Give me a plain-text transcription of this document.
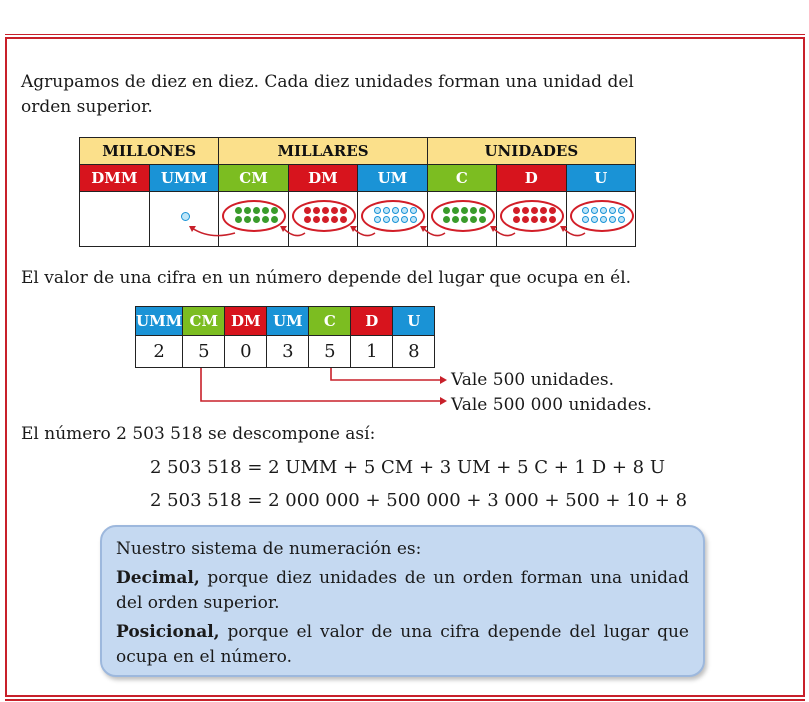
Agrupamos de diez en diez. Cada diez unidades forman una unidad del
orden superior.
MILLONES		MILLARES			UNIDADES		
DMM	UMM	CM	DM	UM	C	D	U

El valor de una cifra en un número depende del lugar que ocupa en él.
UMM	CM	DM	UM	C	D	U
2	5	0	3	5	1	8
Vale 500 unidades.
Vale 500 000 unidades.
El número 2 503 518 se descompone así:
2 503 518 = 2 UMM + 5 CM + 3 UM + 5 C + 1 D + 8 U
2 503 518 = 2 000 000 + 500 000 + 3 000 + 500 + 10 + 8

Nuestro sistema de numeración es:

Decimal, porque diez unidades de un orden forman una unidad del orden superior.

Posicional, porque el valor de una cifra depende del lugar que ocupa en el número.
